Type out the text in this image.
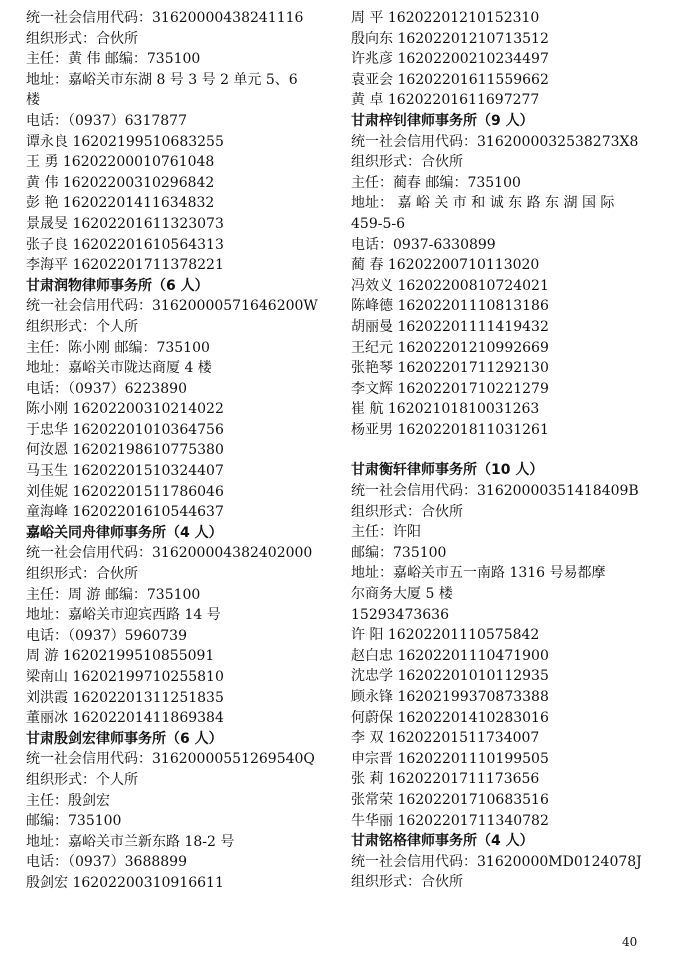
统一社会信用代码：31620000438241116
组织形式：合伙所
主任：黄 伟 邮编：735100
地址：嘉峪关市东湖 8 号 3 号 2 单元 5、6
楼
电话：（0937）6317877
谭永良 16202199510683255
王 勇 16202200010761048
黄 伟 16202200310296842
彭 艳 16202201411634832
景晟旻 16202201611323073
张子良 16202201610564313
李海平 16202201711378221
甘肃润物律师事务所（6 人）
统一社会信用代码：31620000571646200W
组织形式：个人所
主任：陈小刚 邮编：735100
地址：嘉峪关市陇达商厦 4 楼
电话：（0937）6223890
陈小刚 16202200310214022
于忠华 16202201010364756
何汝恩 16202198610775380
马玉生 16202201510324407
刘佳妮 16202201511786046
童海峰 16202201610544637
嘉峪关同舟律师事务所（4 人）
统一社会信用代码：316200004382402000
组织形式：合伙所
主任：周 游 邮编：735100
地址：嘉峪关市迎宾西路 14 号
电话：（0937）5960739
周 游 16202199510855091
梁南山 16202199710255810
刘洪霞 16202201311251835
董丽冰 16202201411869384
甘肃殷剑宏律师事务所（6 人）
统一社会信用代码：31620000551269540Q
组织形式：个人所
主任：殷剑宏
邮编：735100
地址：嘉峪关市兰新东路 18-2 号
电话：（0937）3688899
殷剑宏 16202200310916611
周 平 16202201210152310
殷向东 16202201210713512
许兆彦 16202200210234497
袁亚会 16202201611559662
黄 卓 16202201611697277
甘肃梓钊律师事务所（9 人）
统一社会信用代码：3162000032538273X8
组织形式：合伙所
主任：蔺春 邮编：735100
地址： 嘉 峪 关 市 和 诚 东 路 东 湖 国 际
459-5-6
电话：0937-6330899
蔺 春 16202200710113020
冯效义 16202200810724021
陈峰德 16202201110813186
胡丽曼 16202201111419432
王纪元 16202201210992669
张艳琴 16202201711292130
李文辉 16202201710221279
崔 航 16202101810031263
杨亚男 16202201811031261
甘肃衡轩律师事务所（10 人）
统一社会信用代码：31620000351418409B
组织形式：合伙所
主任：许阳
邮编：735100
地址：嘉峪关市五一南路 1316 号易都摩
尔商务大厦 5 楼
15293473636
许 阳 16202201110575842
赵白忠 16202201110471900
沈忠学 16202201010112935
顾永锋 16202199370873388
何蔚保 16202201410283016
李 双 16202201511734007
申宗晋 16202201110199505
张 莉 16202201711173656
张常荣 16202201710683516
牛华丽 16202201711340782
甘肃铭格律师事务所（4 人）
统一社会信用代码：31620000MD0124078J
组织形式：合伙所
40
